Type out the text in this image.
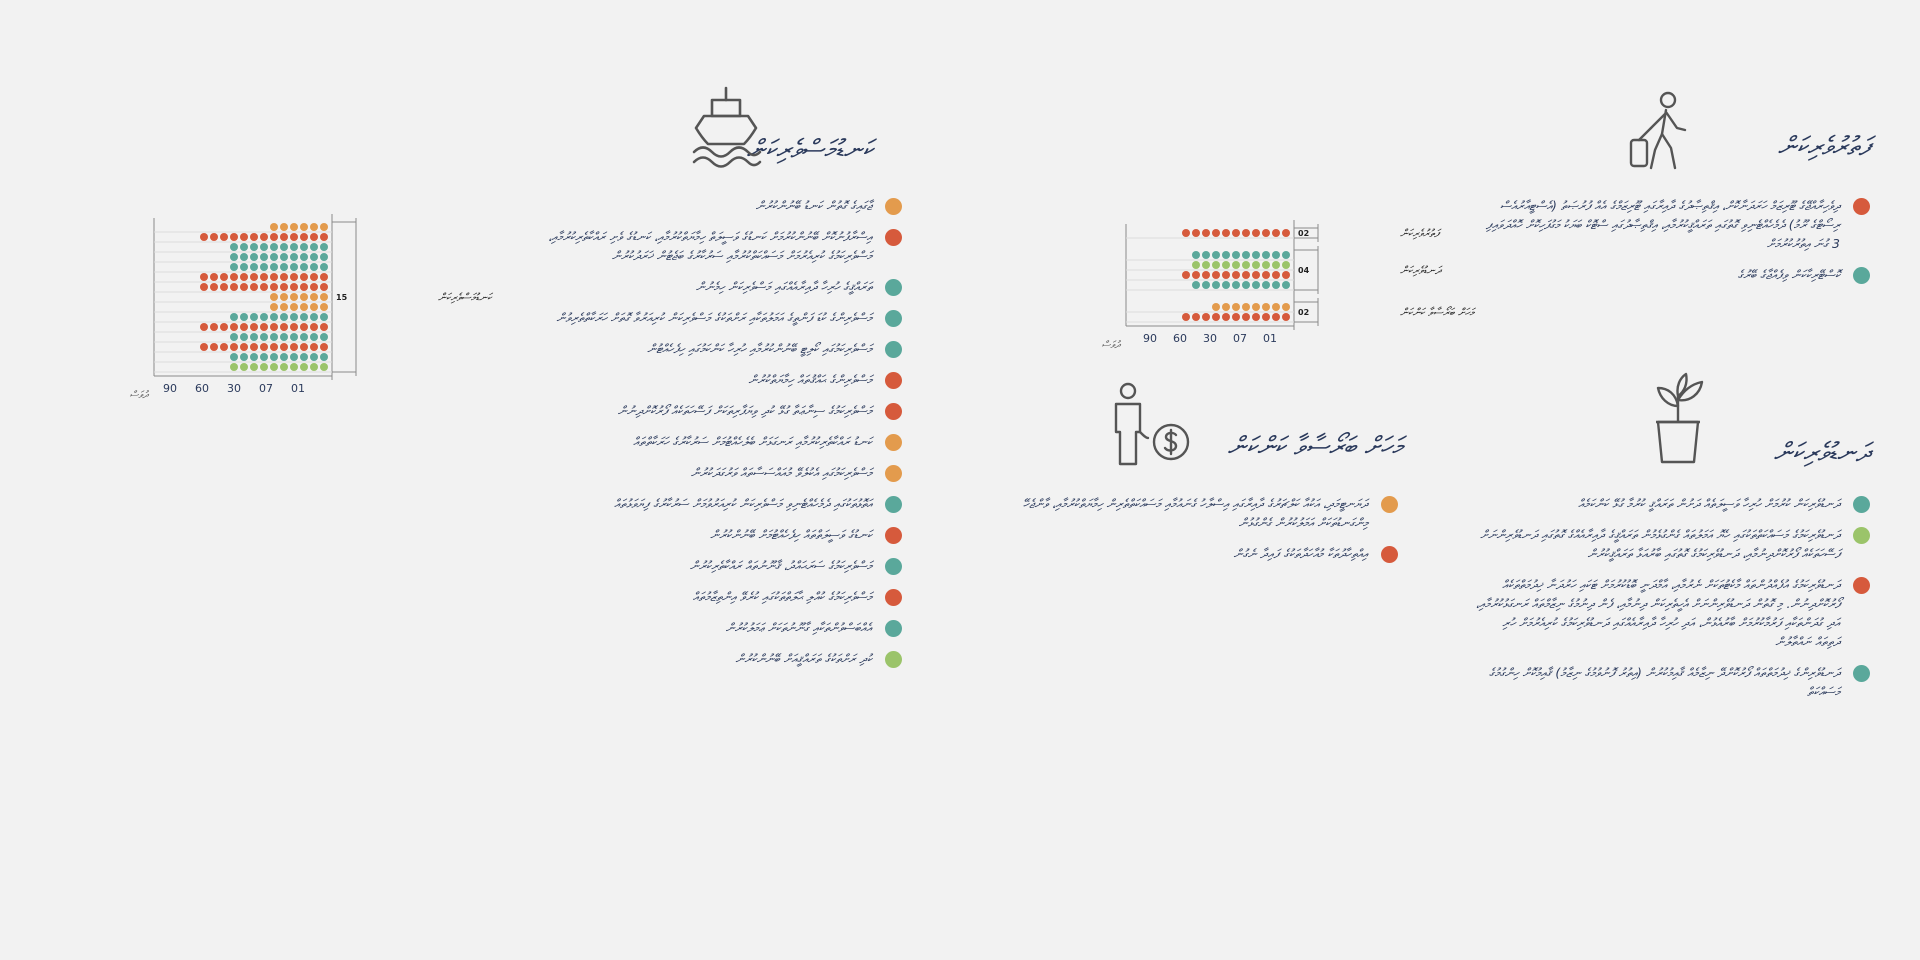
ފަތުރުވެރިކަން
ދިވެހިރާއްޖޭގެ ޓޫރިޒަމް ހަރަދަނާކޮށް، އިޤްތިޞާދުގެ ދާއިރާގައި ޓޫރިޒަމްގެ އެއް ފުރުޞަތު (އެސްޓީއާރުއެސް ރިސޯޓްގެ ރޫމު) ދެމެހެއްޓެނިވި ގޮތުގައި ތަރައްޤީކުރުމާއި، އިޤްތިޞާދުގައި ސްޓޮކް ބަޔަކު މަގުފަހިކޮށް ހޮއްދަވައިފި 3 ގުނަ އިތުރުކުރުމަށް
ކޮސްޓޭރިކާކަން ވިފެއްޖާގެ ބޭރުގެ
ދަނޑުވެރިކަން
ދަނޑުވެރިކަން ކުރުމަށް ހުރިހާ ވަސީލަތެއް ދަށުން ތަރައްޤީ ކުރުމާ ގުޅޭ ކަންކަމެއް
ދަނޑުވެރިކަމުގެ މަސައްކަތްތަކުގައި ހެޔޮ އަމަލުތައް ގެންގުޅެމުން ތަރައްޤީގެ ދާއިރާއެއްގެ ގޮތުގައި ދަނޑުވެރިންނަށް ފަސޭހަތަކެއް ފޯރުކޮށްދިނުމާއި، ދަނޑުވެރިކަމުގެ ގޮތުގައި ބާރުއަޅާ ތަރައްޤީކުރުން
ދަނޑުވެރިކަމުގެ އުފެއްދުންތައް މާކެޓުތަކަށް ނެރުމާއި، އާމްދަނީ ބޮޑުކުރުމަށް ޓަކައި ހަރުދަނާ ޚިދުމަތްތަކެއް ފޯރުކޮށްދިނުން. މި ގޮތުން ދަނޑުވެރިންނަށް އެހީތެރިކަން ދިނުމާއި، ފެން ދިނުމުގެ ނިޒާމްތައް ރަނގަޅުކުރުމާއި، އަދި ގުދަންތަކާއި ފަރުމާކުރުމަށް ބާރުއެޅުން، އަދި ހުރިހާ ދާއިރާއެއްގައި ދަނޑުވެރިކަމުގެ ކުރިއެރުމަށް ހުރި ދަތިތައް ނައްތާލުން
ދަނޑުވެރިންގެ ޚިދުމަތްތައް ފޯރުކޮށްދޭ ނިޒާމެއް ޤާއިމުކުރުން (އިތުރު ފޮނުވުމުގެ ނިޒާމު) ޤާއިމުކޮށް ހިންގުމުގެ މަސައްކަތް
މަހަށް ބަރޯސާވާ ކަންކަން
ދަޔަނޓީމަދި، އަކުއާ ކަލްޗަރުގެ ދާއިރާގައި އިސްލާހު ގެނައުމާއި މަސައްކަތްތެރިން ހިމާޔަތްކުރުމާއި، ވާންޖެހޭ މިންގަނޑުތަކަށް އަމަލުކުރުން ގެންގުޅުން
އިއްތިހާދުތަކާ މުއާހަދާތަކުގެ ފައިދާ ނެގުން
ކަނޑުމަސްވެރިކަން
ޖާގައިގެ ގޮތުން ކަނޑު ބޭނުންކުރުން
އިސްރާފުނުކޮށް ބޭނުންކުރުމަށް ކަނޑުގެ ވަސީލަތް ހިމާޔަތްކުރުމާއި، ކަނޑުގެ ވެށި ރައްކާތެރިކުރުމާއި، މަސްވެރިކަމުގެ ކުރިއެރުމަށް މަސައްކަތްކުރުމާއި ސަރުކާރުގެ ބަޖެޓުން ޚަރަދުކުރުން
ތަރައްޤީގެ ހުރިހާ ދާއިރާއެއްގައި މަސްވެރިކަން ހިމެނުން
މަސްވެރިންގެ ކުޑަ ފަންތީގެ އަމަލުތަކާއި ރަށްތަކުގެ މަސްވެރިކަން ކުރިއަރުވާ ގޮތަށް ހަރަކާތްތެރިވުން
މަސްވެރިކަމުގައި ކޯލިޓީ ބޭނުންކުރުމާއި ހުރިހާ ކަންކަމުގައި ހިފެހެއްޓުން
މަސްވެރިންގެ ޙައްޤުތައް ހިމާޔަތްކުރުން
މަސްވެރިކަމުގެ ސިނާޢަތާ ގުޅޭ ކުދި ވިޔަފާރިތަކަށް ފަސޭހަތަކެއް ފޯރުކޮށްދިނުން
ކަނޑު ރައްކާތެރިކުރުމާއި ރަނގަޅަށް ބެލެހެއްޓުމަށް ސަރުކާރުގެ ހަރަކާތްތައް
މަސްވެރިކަމުގައި އެކުލެވޭ މުއައްސަސާތައް ވަރުގަދަކުރުން
އަތޮޅުތަކުގައި ދެމެހެއްޓެނިވި މަސްވެރިކަން ކުރިއަރުވުމަށް ސަރުކާރުގެ ފިޔަވަޅުތައް
ކަނޑުގެ ވަސީލަތްތައް ހިފެހެއްޓުމަށް ބޭނުންކުރުން
މަސްވެރިކަމުގެ ސަރަޙައްދު، ޤާނޫނުތައް ރައްކާތެރިކުރުން
މަސްވެރިކަމުގެ ކުއްލި ޙާލަތްތަކުގައި ކުރެވޭ އިންތިޒާމުތައް
އެއްބަސްވުންތަކާއި ގާނޫނުތަކަށް ޢަމަލުކުރުން
ކުދި ރަށްތަކުގެ ތަރައްޤީއަށް ބޭނުންކުރުން
02	ފަތުރުވެރިކަން
04	ދަނޑުވެރިކަން
02	މަހަށް ބަރޯސާވާ ކަންކަން
01
07
30
60
90
ދުވަސް
15	ކަނޑުމަސްވެރިކަން
01
07
30
60
90
ދުވަސް
